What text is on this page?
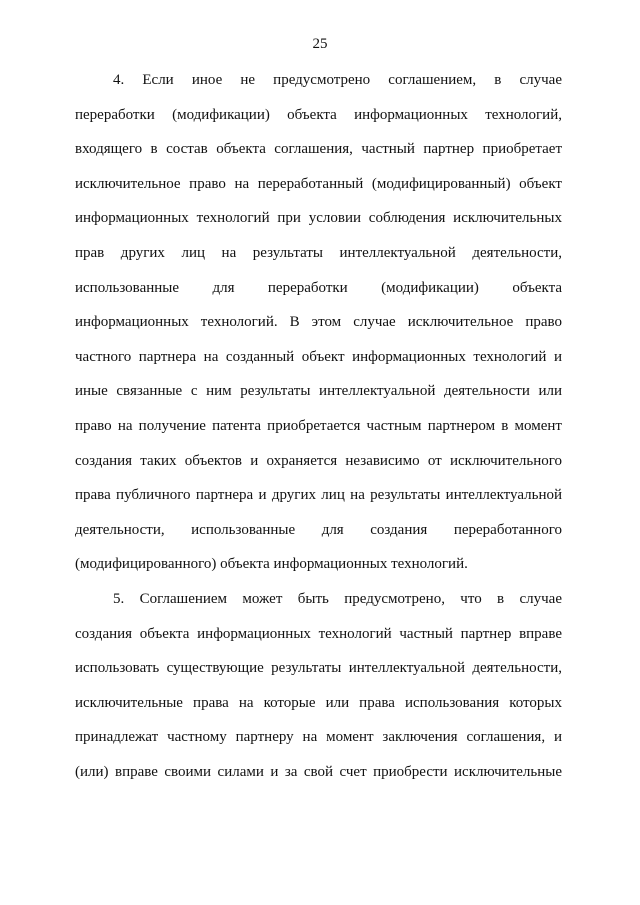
25
4. Если иное не предусмотрено соглашением, в случае
переработки (модификации) объекта информационных технологий,
входящего в состав объекта соглашения, частный партнер приобретает
исключительное право на переработанный (модифицированный) объект
информационных технологий при условии соблюдения исключительных
прав других лиц на результаты интеллектуальной деятельности,
использованные для переработки (модификации) объекта
информационных технологий. В этом случае исключительное право
частного партнера на созданный объект информационных технологий и
иные связанные с ним результаты интеллектуальной деятельности или
право на получение патента приобретается частным партнером в момент
создания таких объектов и охраняется независимо от исключительного
права публичного партнера и других лиц на результаты интеллектуальной
деятельности, использованные для создания переработанного
(модифицированного) объекта информационных технологий.
5. Соглашением может быть предусмотрено, что в случае
создания объекта информационных технологий частный партнер вправе
использовать существующие результаты интеллектуальной деятельности,
исключительные права на которые или права использования которых
принадлежат частному партнеру на момент заключения соглашения, и
(или) вправе своими силами и за свой счет приобрести исключительные
